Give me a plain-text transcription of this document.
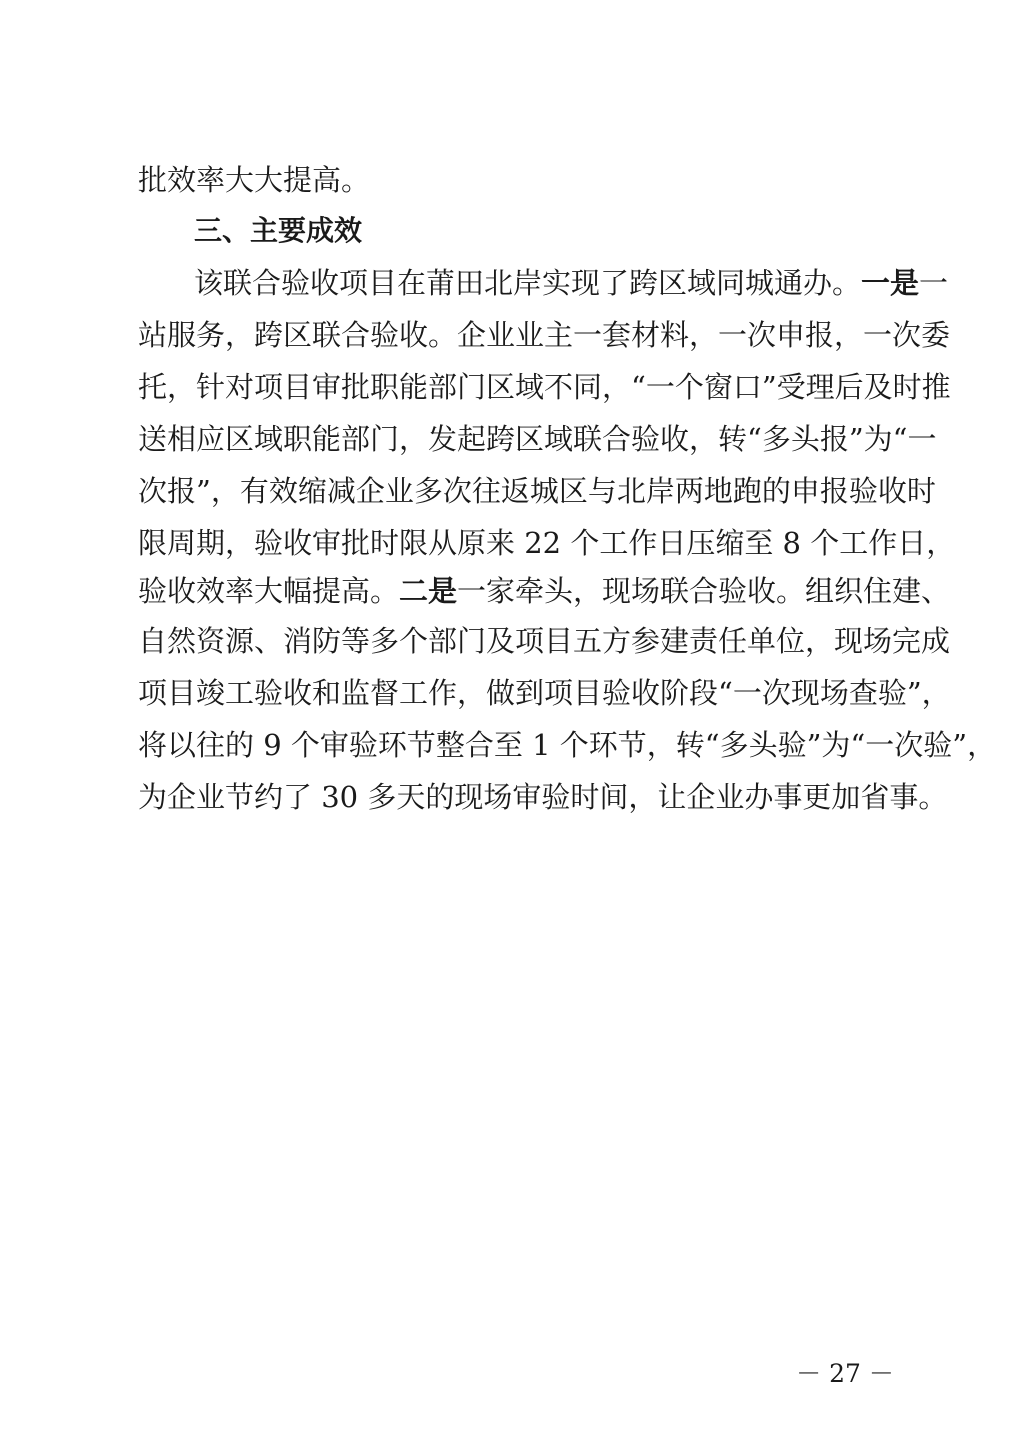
批效率大大提高。
三、主要成效
该联合验收项目在莆田北岸实现了跨区域同城通办。一是一
站服务，跨区联合验收。企业业主一套材料，一次申报，一次委
托，针对项目审批职能部门区域不同，“一个窗口”受理后及时推
送相应区域职能部门，发起跨区域联合验收，转“多头报”为“一
次报”，有效缩减企业多次往返城区与北岸两地跑的申报验收时
限周期，验收审批时限从原来 22 个工作日压缩至 8 个工作日，
验收效率大幅提高。二是一家牵头，现场联合验收。组织住建、
自然资源、消防等多个部门及项目五方参建责任单位，现场完成
项目竣工验收和监督工作，做到项目验收阶段“一次现场查验”，
将以往的 9 个审验环节整合至 1 个环节，转“多头验”为“一次验”，
为企业节约了 30 多天的现场审验时间，让企业办事更加省事。
－ 27 －
